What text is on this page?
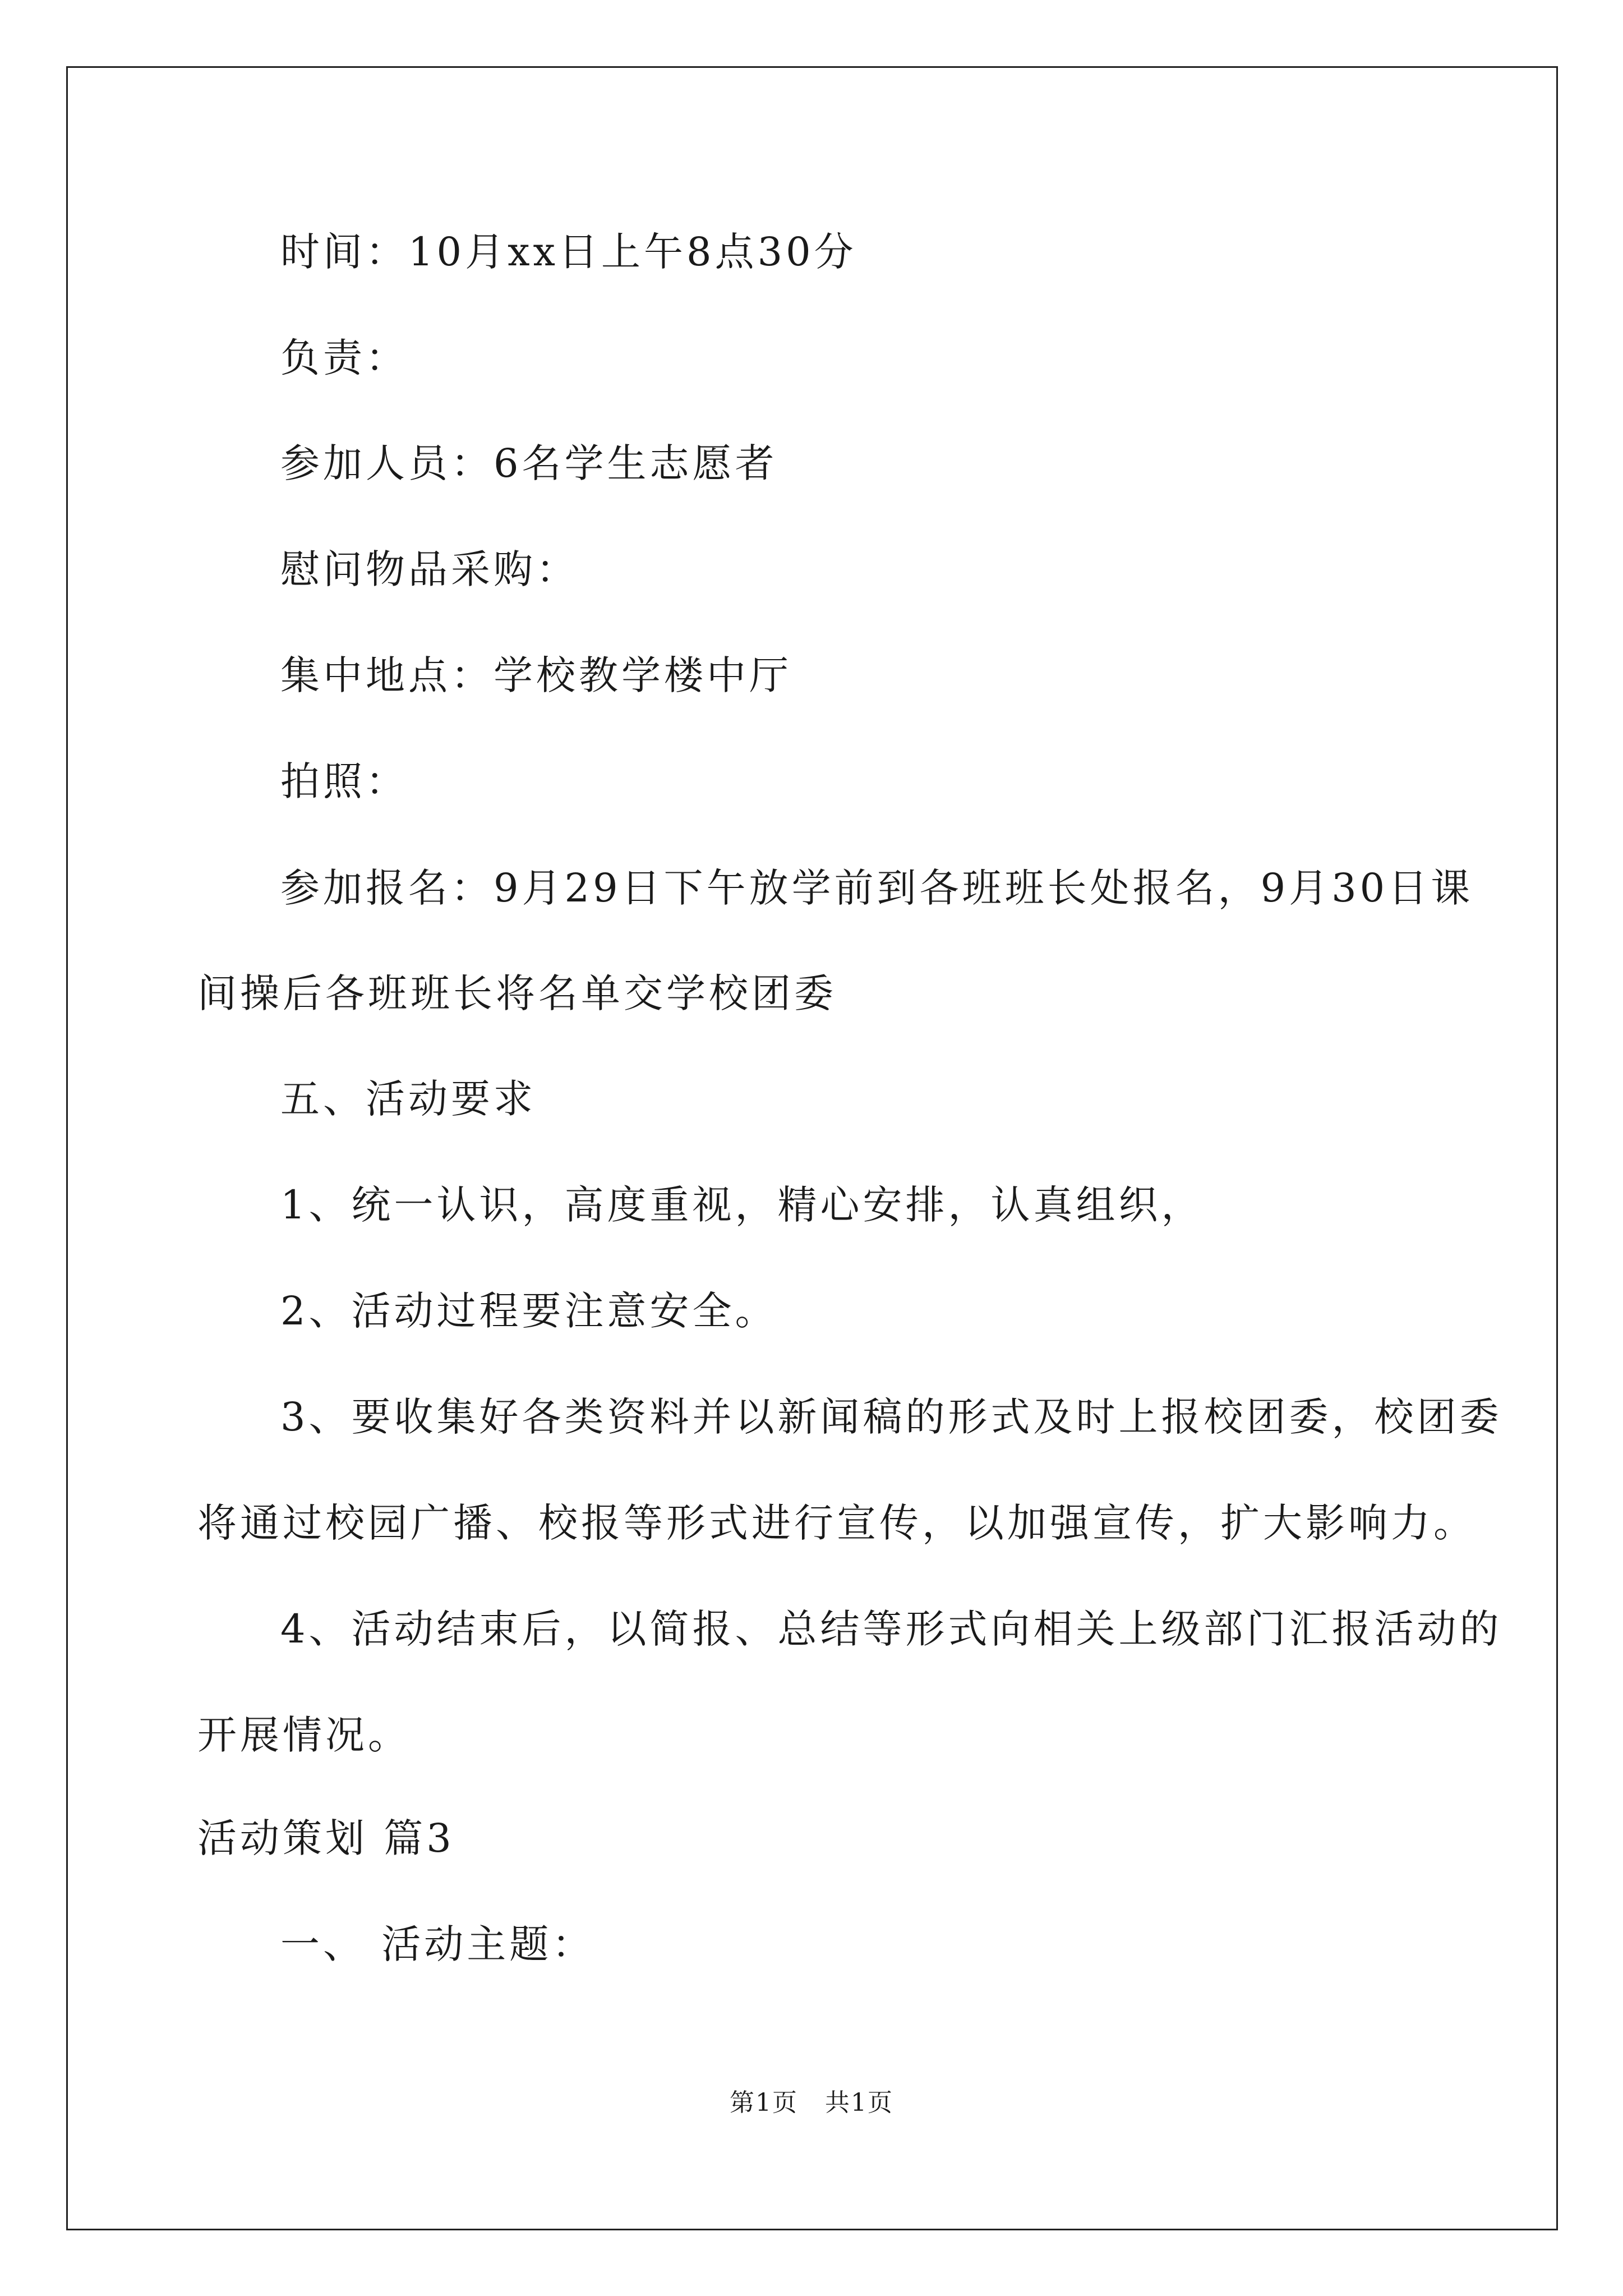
时间：10月xx日上午8点30分

负责：

参加人员：6名学生志愿者

慰问物品采购：

集中地点：学校教学楼中厅

拍照：

参加报名：9月29日下午放学前到各班班长处报名，9月30日课

间操后各班班长将名单交学校团委

五、活动要求

1、统一认识，高度重视，精心安排，认真组织，

2、活动过程要注意安全。

3、要收集好各类资料并以新闻稿的形式及时上报校团委，校团委

将通过校园广播、校报等形式进行宣传，以加强宣传，扩大影响力。

4、活动结束后，以简报、总结等形式向相关上级部门汇报活动的

开展情况。

活动策划 篇3

一、 活动主题：

第1页   共1页
